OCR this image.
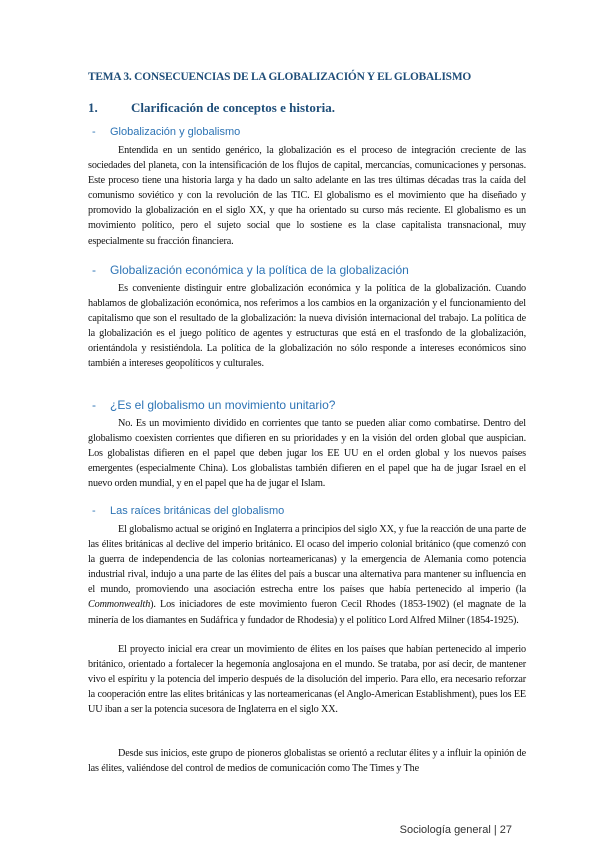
TEMA 3. CONSECUENCIAS DE LA GLOBALIZACIÓN Y EL GLOBALISMO
1.	Clarificación de conceptos e historia.
- Globalización y globalismo

Entendida en un sentido genérico, la globalización es el proceso de integración creciente de las sociedades del planeta, con la intensificación de los flujos de capital, mercancías, comunicaciones y personas. Este proceso tiene una historia larga y ha dado un salto adelante en las tres últimas décadas tras la caída del comunismo soviético y con la revolución de las TIC. El globalismo es el movimiento que ha diseñado y promovido la globalización en el siglo XX, y que ha orientado su curso más reciente. El globalismo es un movimiento político, pero el sujeto social que lo sostiene es la clase capitalista transnacional, muy especialmente su fracción financiera.

- Globalización económica y la política de la globalización

Es conveniente distinguir entre globalización económica y la política de la globalización. Cuando hablamos de globalización económica, nos referimos a los cambios en la organización y el funcionamiento del capitalismo que son el resultado de la globalización: la nueva división internacional del trabajo. La política de la globalización es el juego político de agentes y estructuras que está en el trasfondo de la globalización, orientándola y resistiéndola. La política de la globalización no sólo responde a intereses económicos sino también a intereses geopolíticos y culturales.

- ¿Es el globalismo un movimiento unitario?

No. Es un movimiento dividido en corrientes que tanto se pueden aliar como combatirse. Dentro del globalismo coexisten corrientes que difieren en su prioridades y en la visión del orden global que auspician. Los globalistas difieren en el papel que deben jugar los EE UU en el orden global y los nuevos países emergentes (especialmente China). Los globalistas también difieren en el papel que ha de jugar Israel en el nuevo orden mundial, y en el papel que ha de jugar el Islam.

- Las raíces británicas del globalismo

El globalismo actual se originó en Inglaterra a principios del siglo XX, y fue la reacción de una parte de las élites británicas al declive del imperio británico. El ocaso del imperio colonial británico (que comenzó con la guerra de independencia de las colonias norteamericanas) y la emergencia de Alemania como potencia industrial rival, indujo a una parte de las élites del país a buscar una alternativa para mantener su influencia en el mundo, promoviendo una asociación estrecha entre los países que había pertenecido al imperio (la Commonwealth). Los iniciadores de este movimiento fueron Cecil Rhodes (1853-1902) (el magnate de la minería de los diamantes en Sudáfrica y fundador de Rhodesia) y el político Lord Alfred Milner (1854-1925).

El proyecto inicial era crear un movimiento de élites en los países que habían pertenecido al imperio británico, orientado a fortalecer la hegemonía anglosajona en el mundo. Se trataba, por así decir, de mantener vivo el espíritu y la potencia del imperio después de la disolución del imperio. Para ello, era necesario reforzar la cooperación entre las elites británicas y las norteamericanas (el Anglo-American Establishment), pues los EE UU iban a ser la potencia sucesora de Inglaterra en el siglo XX.

Desde sus inicios, este grupo de pioneros globalistas se orientó a reclutar élites y a influir la opinión de las élites, valiéndose del control de medios de comunicación como The Times y The

Sociología general | 27
